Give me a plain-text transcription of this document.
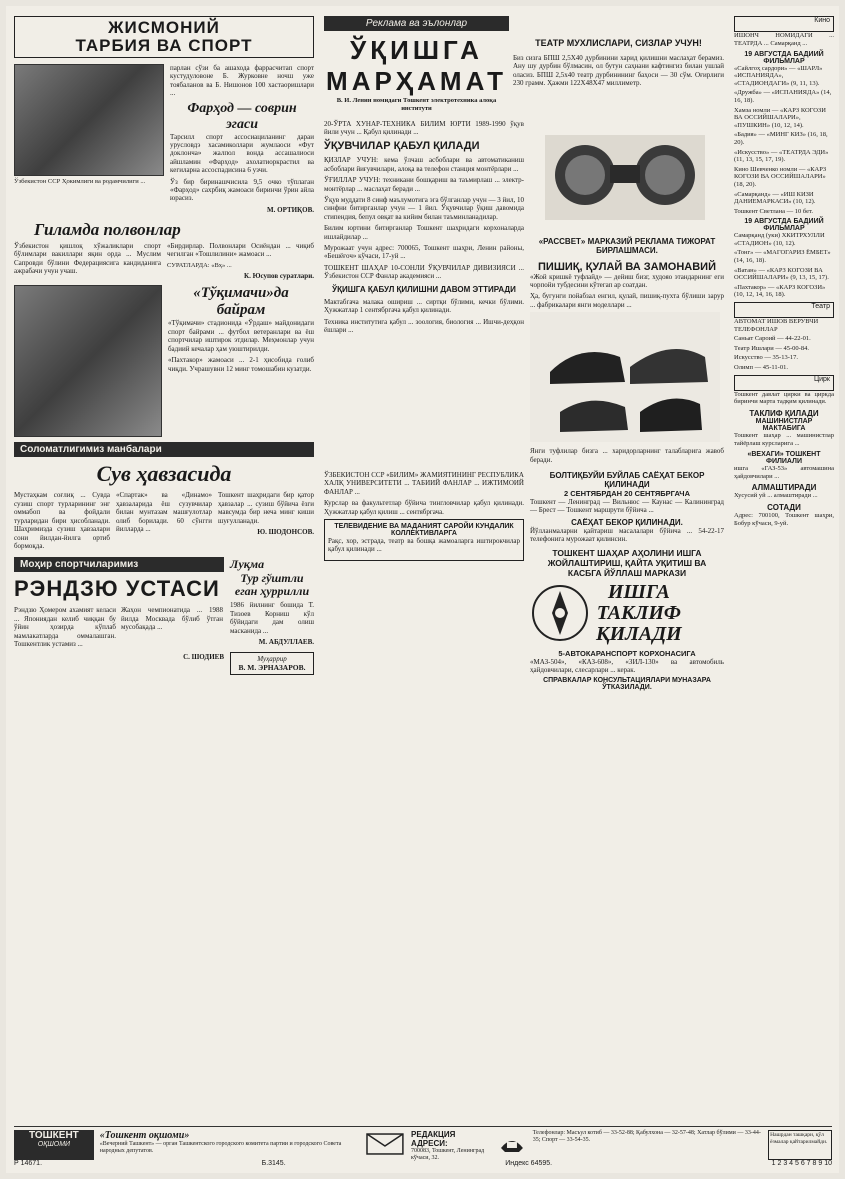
ЖИСМОНИЙ ТАРБИЯ ВА СПОРТ
Ўзбекистон ССР Ҳокимлиги ва родамчилиги ...

парлан сўзи ба ашахода фаррасчитап спорт кустудуловоне Б. Журковне ночш уже тоябаланов ва Б. Нишонов 100 хастаоришлари ...

Фарҳод — соврин эгаси

Тарсилл спорт ассосиациланинг дараи урусловдэ хасамиколлари жумлаоси «Фут доклонча» жалпол вонда ассашалиоси айшламин «Фарҳод» ахолатиоркрастил ва кегиларна ассоспадисина 6 узчи.

Ўз бир биринашчисила 9,5 очко тўплаган «Фарҳод» сахрбиқ жамоаси биринчи ўрин айла юрасиз.

М. ОРТИҚОВ.
Гиламда полвонлар

Ўзбекистон қишлоқ хўжаликлари спорт бўлимлари вакиллари яқин орда ... Муслим Сапровди бўлини Федерациясига кандиданига ажрабачи учун учаш.

«Бирдирлар. Полвонлари Осиёндан ... чиқиб чегилган «Тошлилини» жамоаси ...

СУРАТЛАРДА: «Вҳ» ...
К. Юсупов суратлари.
«Тўқимачи»да байрам

«Тўқимачи» стадионида «Ўрдаш» майдонидаги спорт байрами ... футбол ветеранлари ва ёш спортчилар иштирок этдилар. Меҳмонлар учун бадиий кечалар ҳам уюштирилди.

«Пахтакор» жамоаси ... 2-1 ҳисобида ғолиб чиқди. Учрашувни 12 минг томошабин кузатди.

Соломатлигимиз манбалари
Сув ҳавзасида

Мустаҳкам соғлиқ ... Сувда сузиш спорт турларининг энг оммабоп ва фойдали турларидан бири ҳисобланади. Шаҳримизда сузиш ҳавзалари сони йилдан-йилга ортиб бормоқда.

«Спартак» ва «Динамо» ҳавзаларида ёш сузувчилар билан мунтазам машғулотлар олиб борилади. 60 сўнгги йилларда ...

Тошкент шаҳридаги бир қатор ҳавзалар ... сузиш бўйича ёзги мавсумда бир неча минг киши шуғулланади.

Ю. ШОДОНСОВ.
Моҳир спортчиларимиз
РЭНДЗЮ УСТАСИ

Рэндзю Ҳомером ахамият келаси ... Япониядан келиб чиққан бу ўйин ҳозирда кўплаб мамлакатларда оммалашган. Тошкентлик устамиз ...

Жаҳон чемпионатида ... 1988 йилда Москвада бўлиб ўтган мусобақада ...

С. ШОДИЕВ
Луқма
Тур гўштли еган ҳуррилли

1986 йилнинг бошида Т. Тизоев Корниш кўл бўйидаги дам олиш масканида ...

М. АБДУЛЛАЕВ.
Муҳаррир
В. М. ЭРНАЗАРОВ.
Реклама ва эълонлар
ЎҚИШГА
МАРҲАМАТ
В. И. Ленин номидаги Тошкент электротехника алоқа институти
ТЕАТР МУХЛИСЛАРИ, СИЗЛАР УЧУН!

Биз сизга БПШ 2,5Х40 дурбинини харид қилишни маслаҳат берамиз. Ану шу дурбин бўлмасин, ол бутун саҳнани кафтингиз билан ушлай оласиз. БПШ 2,5х40 театр дурбинининг баҳоси — 30 сўм. Оғирлиги 230 грамм. Ҳажми 122Х48Х47 миллиметр.

20-ЎРТА ХУНАР-ТЕХНИКА БИЛИМ ЮРТИ 1989-1990 ўқув йили учун ... Қабул қилинади ...

ЎҚУВЧИЛАР ҚАБУЛ ҚИЛАДИ

ҚИЗЛАР УЧУН: кема ўлчаш асбоблари ва автоматиканиш асбоблари йиғувчилари, алоқа ва телефон станция монтёрлари ...

ЎҒИЛЛАР УЧУН: техникани бошқариш ва таъмирлаш ... электр-монтёрлар ... маслаҳат беради ...

Ўқув муддати 8 синф маълумотига эга бўлганлар учун — 3 йил, 10 синфни битирганлар учун — 1 йил. Ўқувчилар ўқиш давомида стипендия, бепул овқат ва кийим билан таъминланадилар.

Билим юртини битирганлар Тошкент шаҳридаги корхоналарда ишлайдилар ...

Мурожаат учун адрес: 700065, Тошкент шаҳри, Ленин районы, «Бешёғоч» кўчаси, 17-уй ...

ТОШКЕНТ ШАҲАР 10-СОНЛИ ЎҚУВЧИЛАР ДИВИЗИЯСИ ... Ўзбекистон ССР Фанлар академияси ...

ЎҚИШГА ҚАБУЛ ҚИЛИШНИ ДАВОМ ЭТТИРАДИ

Мактабгача малака ошириш ... сиртқи бўлими, кечки бўлими. Ҳужжатлар 1 сентябргача қабул қилинади.

Техника институтига қабул ... зоология, биология ... Ишчи-деҳқон ёшлари ...

«РАССВЕТ» МАРКАЗИЙ РЕКЛАМА ТИЖОРАТ БИРЛАШМАСИ.
ПИШИҚ, ҚУЛАЙ ВА ЗАМОНАВИЙ

«Жой кришкё туфлайд» — дейиш бизг, худояо этандарнинг еги чорпойи тубдесини кўтегап ар соатдан.

Ҳа, бугунги пойабзал енгил, қулай, пишиқ-пухта бўлиши зарур ... фабрикалари янги моделлари ...

Янги туфлилар бизга ... харидорларнинг талабларига жавоб беради.

ЎЗБЕКИСТОН ССР «БИЛИМ» ЖАМИЯТИНИНГ РЕСПУБЛИКА ХАЛҚ УНИВЕРСИТЕТИ ... ТАБИИЙ ФАНЛАР ... ИЖТИМОИЙ ФАНЛАР ...

Курслар ва факультетлар бўйича тингловчилар қабул қилинади. Ҳужжатлар қабул қилиш ... сентябргача.

ТЕЛЕВИДЕНИЕ ВА МАДАНИЯТ САРОЙИ КУНДАЛИК КОЛЛЕКТИВЛАРГА

Рақс, хор, эстрада, театр ва бошқа жамоаларга иштирокчилар қабул қилинади ...

БОЛТИҚБУЙИ БУЙЛАБ САЁҲАТ БЕКОР ҚИЛИНАДИ
2 СЕНТЯБРДАН 20 СЕНТЯБРГАЧА

Тошкент — Ленинград — Вильнюс — Каунас — Калининград — Брест — Тошкент маршрути бўйича ...

САЁҲАТ БЕКОР ҚИЛИНАДИ.

Йўлланмаларни қайтариш масалалари бўйича ... 54-22-17 телефонига мурожаат қилинсин.

ТОШКЕНТ ШАҲАР АҲОЛИНИ ИШГА ЖОЙЛАШТИРИШ, ҚАЙТА УҚИТИШ ВА КАСБГА ЙЎЛЛАШ МАРКАЗИ
ИШГА
ТАКЛИФ
ҚИЛАДИ
5-АВТОКАРАНСПОРТ КОРХОНАСИГА

«МАЗ-504», «КАЗ-608», «ЗИЛ-130» ва автомобиль ҳайдовчилари, слесарлари ... керак.

СПРАВКАЛАР КОНСУЛЬТАЦИЯЛАРИ МУНАЗАРА ЎТКАЗИЛАДИ.
Кино

ИШОНЧ НОМИДАГИ ... ТЕАТРДА ... Самарқанд ...

19 АВГУСТДА БАДИИЙ ФИЛЬМЛАР

«Сайлгоҳ сардори» — «ШАРЛ» «ИСПАНИЯДА», «СТАДИОНДАГИ» (9, 11, 13).

«Дружба» — «ИСПАНИЯДА» (14, 16, 18).

Хамза номли — «КАРЗ КОГОЗИ ВА ОССИЙШАЛАРИ», «ПУШКИН» (10, 12, 14).

«Бадия» — «МИНГ КИЗ» (16, 18, 20).

«Искусство» — «ТЕАТРДА ЭДИ» (11, 13, 15, 17, 19).

Кино Шевченко номли — «КАРЗ КОГОЗИ ВА ОССИЙШАЛАРИ» (18, 20).

«Самарқанд» — «ИШ КИЗИ ДАНИЕМАРКАСИ» (10, 12).

Тошкент Светлана — 10 бет.

19 АВГУСТДА БАДИИЙ ФИЛЬМЛАР

Самарқанд (уки) ХКИТРХУЛЛИ «СТАДИОН» (10, 12).

«Тонг» — «МАГОГАРИЗ ЁМБЕТ» (14, 16, 18).

«Ватан» — «КАРЗ КОГОЗИ ВА ОССИЙШАЛАРИ» (9, 13, 15, 17).

«Пахтакор» — «КАРЗ КОГОЗИ» (10, 12, 14, 16, 18).

Театр

АВТОМАТ ИШОВ ВЕРУВЧИ ТЕЛЕФОНЛАР

Саньат Сароий — 44-22-01.

Театр Ишлари — 45-00-84.

Искусство — 35-13-17.

Олимп — 45-11-01.

Цирк

Тошкент давлат цирки ва циркда биринчи марта тадқим қилинади.

ТАКЛИФ ҚИЛАДИ
МАШИНИСТЛАР МАКТАБИГА

Тошкент шаҳар ... машинистлар тайёрлаш курсларига ...

«ВЕХАГИ» ТОШКЕНТ ФИЛИАЛИ

ишга «ГАЗ-53» автомашина ҳайдовчилари ...

АЛМАШТИРАДИ

Хусусий уй ... алмаштиради ...

СОТАДИ

Адрес: 700100, Тошкент шаҳри, Бобур кўчаси, 9-уй.

ТОШКЕНТ
ОҚШОМИ
«Тошкент оқшоми»
«Вечерний Ташкент» — орган Ташкентского городского комитета партии и городского Совета народных депутатов.
РЕДАКЦИЯ АДРЕСИ:
700083, Тошкент, Ленинград кўчаси, 32.
Телефонлар: Масъул котиб — 33-52-88; Қабулхона — 32-57-48; Хатлар бўлими — 33-44-35; Спорт — 33-54-35.
Нашрдан ташқари, қўл ёзмалар қайтарилмайди.
Р 14671.	Б.3145.	Индекс 64595.	1 2 3 4 5 6 7 8 9 10
